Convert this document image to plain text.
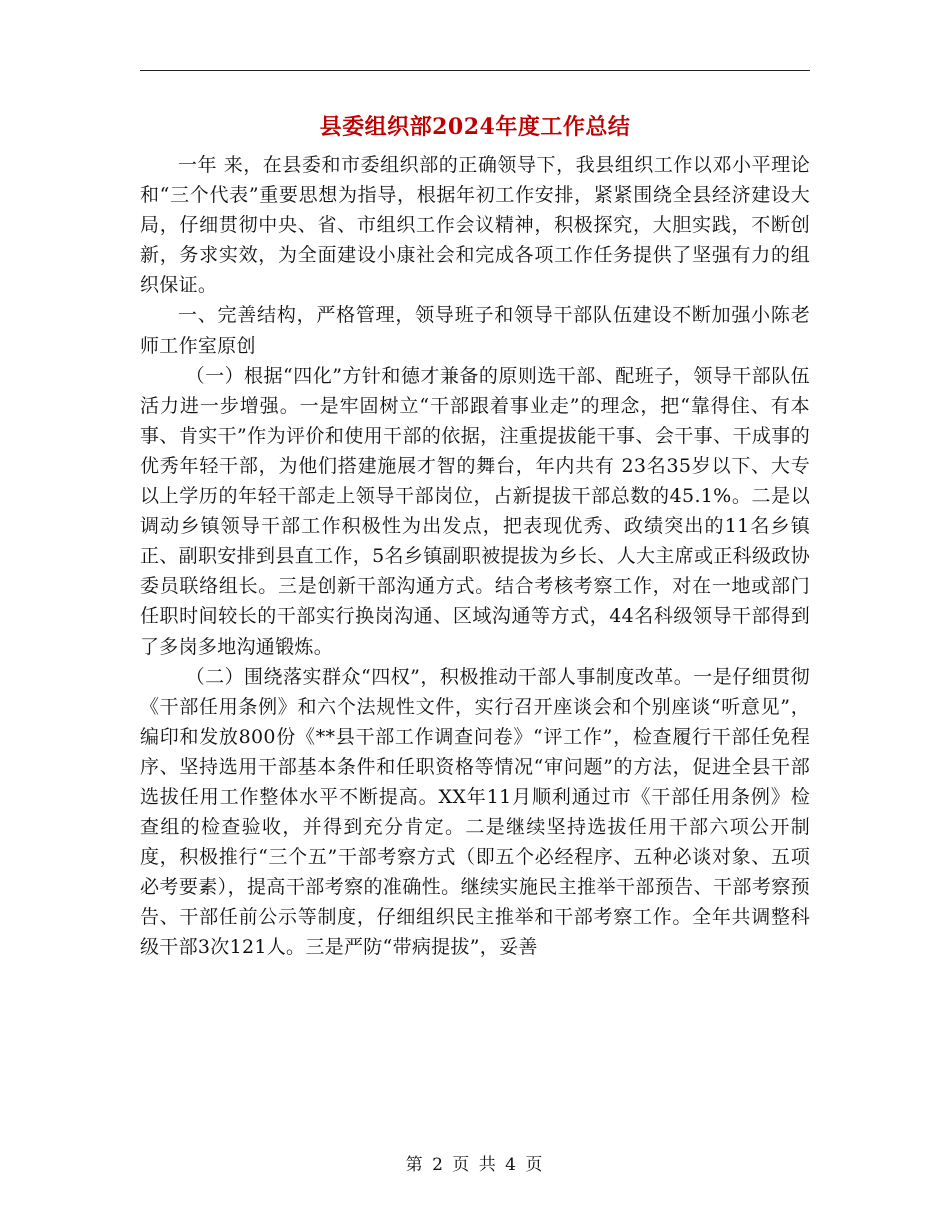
县委组织部2024年度工作总结

一年 来，在县委和市委组织部的正确领导下，我县组织工作以邓小平理论和“三个代表”重要思想为指导，根据年初工作安排，紧紧围绕全县经济建设大局，仔细贯彻中央、省、市组织工作会议精神，积极探究，大胆实践，不断创新，务求实效，为全面建设小康社会和完成各项工作任务提供了坚强有力的组织保证。

一、完善结构，严格管理，领导班子和领导干部队伍建设不断加强小陈老师工作室原创

（一）根据“四化”方针和德才兼备的原则选干部、配班子，领导干部队伍活力进一步增强。一是牢固树立“干部跟着事业走”的理念，把“靠得住、有本事、肯实干”作为评价和使用干部的依据，注重提拔能干事、会干事、干成事的优秀年轻干部，为他们搭建施展才智的舞台，年内共有 23名35岁以下、大专以上学历的年轻干部走上领导干部岗位，占新提拔干部总数的45.1%。二是以调动乡镇领导干部工作积极性为出发点，把表现优秀、政绩突出的11名乡镇正、副职安排到县直工作，5名乡镇副职被提拔为乡长、人大主席或正科级政协委员联络组长。三是创新干部沟通方式。结合考核考察工作，对在一地或部门任职时间较长的干部实行换岗沟通、区域沟通等方式，44名科级领导干部得到了多岗多地沟通锻炼。

（二）围绕落实群众“四权”，积极推动干部人事制度改革。一是仔细贯彻《干部任用条例》和六个法规性文件，实行召开座谈会和个别座谈“听意见”，编印和发放800份《**县干部工作调查问卷》“评工作”，检查履行干部任免程序、坚持选用干部基本条件和任职资格等情况“审问题”的方法，促进全县干部选拔任用工作整体水平不断提高。XX年11月顺利通过市《干部任用条例》检查组的检查验收，并得到充分肯定。二是继续坚持选拔任用干部六项公开制度，积极推行“三个五”干部考察方式（即五个必经程序、五种必谈对象、五项必考要素），提高干部考察的准确性。继续实施民主推举干部预告、干部考察预告、干部任前公示等制度，仔细组织民主推举和干部考察工作。全年共调整科级干部3次121人。三是严防“带病提拔”，妥善

第 2 页 共 4 页
